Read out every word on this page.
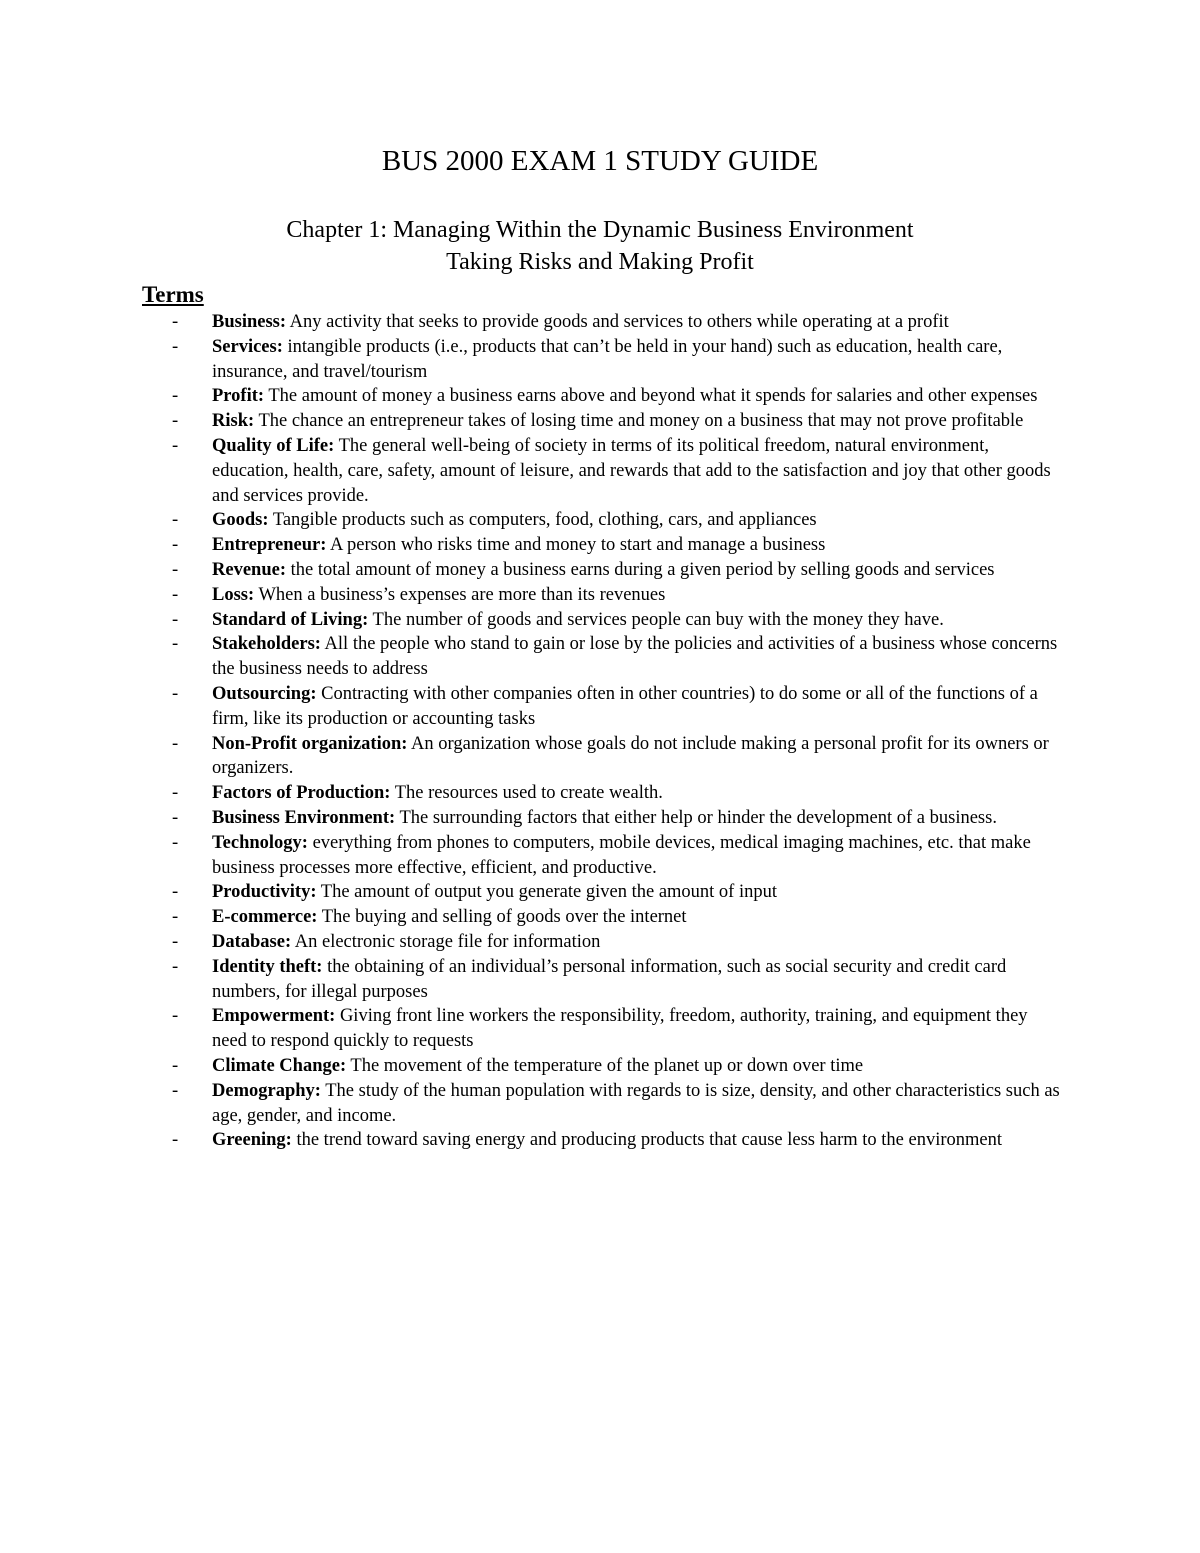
BUS 2000 EXAM 1 STUDY GUIDE
Chapter 1: Managing Within the Dynamic Business Environment
Taking Risks and Making Profit
Terms
- Business: Any activity that seeks to provide goods and services to others while operating at a profit
- Services: intangible products (i.e., products that can’t be held in your hand) such as education, health care, insurance, and travel/tourism
- Profit: The amount of money a business earns above and beyond what it spends for salaries and other expenses
- Risk: The chance an entrepreneur takes of losing time and money on a business that may not prove profitable
- Quality of Life: The general well-being of society in terms of its political freedom, natural environment, education, health, care, safety, amount of leisure, and rewards that add to the satisfaction and joy that other goods and services provide.
- Goods: Tangible products such as computers, food, clothing, cars, and appliances
- Entrepreneur: A person who risks time and money to start and manage a business
- Revenue: the total amount of money a business earns during a given period by selling goods and services
- Loss: When a business’s expenses are more than its revenues
- Standard of Living: The number of goods and services people can buy with the money they have.
- Stakeholders: All the people who stand to gain or lose by the policies and activities of a business whose concerns the business needs to address
- Outsourcing: Contracting with other companies often in other countries) to do some or all of the functions of a firm, like its production or accounting tasks
- Non-Profit organization: An organization whose goals do not include making a personal profit for its owners or organizers.
- Factors of Production: The resources used to create wealth.
- Business Environment: The surrounding factors that either help or hinder the development of a business.
- Technology: everything from phones to computers, mobile devices, medical imaging machines, etc. that make business processes more effective, efficient, and productive.
- Productivity: The amount of output you generate given the amount of input
- E-commerce: The buying and selling of goods over the internet
- Database: An electronic storage file for information
- Identity theft: the obtaining of an individual’s personal information, such as social security and credit card numbers, for illegal purposes
- Empowerment: Giving front line workers the responsibility, freedom, authority, training, and equipment they need to respond quickly to requests
- Climate Change: The movement of the temperature of the planet up or down over time
- Demography: The study of the human population with regards to is size, density, and other characteristics such as age, gender, and income.
- Greening: the trend toward saving energy and producing products that cause less harm to the environment
